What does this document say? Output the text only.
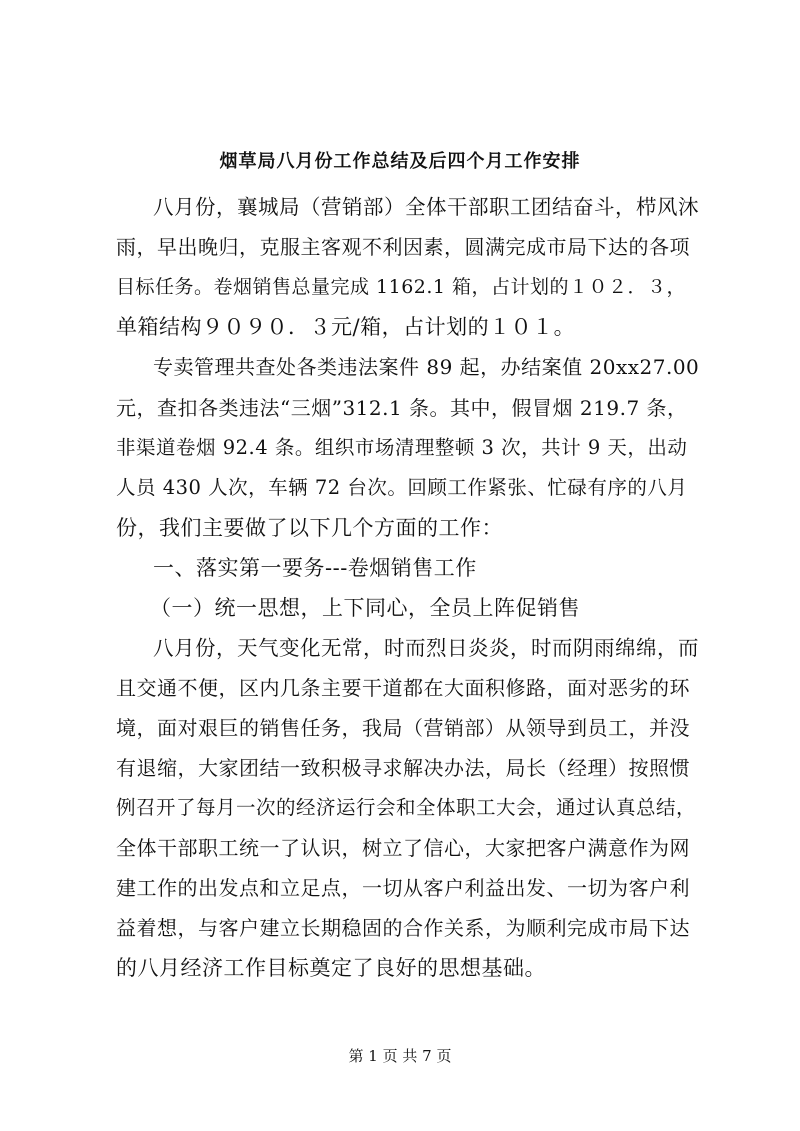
烟草局八月份工作总结及后四个月工作安排
八月份，襄城局（营销部）全体干部职工团结奋斗，栉风沐
雨，早出晚归，克服主客观不利因素，圆满完成市局下达的各项
目标任务。卷烟销售总量完成 1162.1 箱，占计划的１０２．３，
单箱结构９０９０．３元/箱，占计划的１０１。
专卖管理共查处各类违法案件 89 起，办结案值 20xx27.00
元，查扣各类违法“三烟”312.1 条。其中，假冒烟 219.7 条，
非渠道卷烟 92.4 条。组织市场清理整顿 3 次，共计 9 天，出动
人员 430 人次，车辆 72 台次。回顾工作紧张、忙碌有序的八月
份，我们主要做了以下几个方面的工作：
一、落实第一要务---卷烟销售工作
（一）统一思想，上下同心，全员上阵促销售
八月份，天气变化无常，时而烈日炎炎，时而阴雨绵绵，而
且交通不便，区内几条主要干道都在大面积修路，面对恶劣的环
境，面对艰巨的销售任务，我局（营销部）从领导到员工，并没
有退缩，大家团结一致积极寻求解决办法，局长（经理）按照惯
例召开了每月一次的经济运行会和全体职工大会，通过认真总结，
全体干部职工统一了认识，树立了信心，大家把客户满意作为网
建工作的出发点和立足点，一切从客户利益出发、一切为客户利
益着想，与客户建立长期稳固的合作关系，为顺利完成市局下达
的八月经济工作目标奠定了良好的思想基础。
第 1 页 共 7 页
